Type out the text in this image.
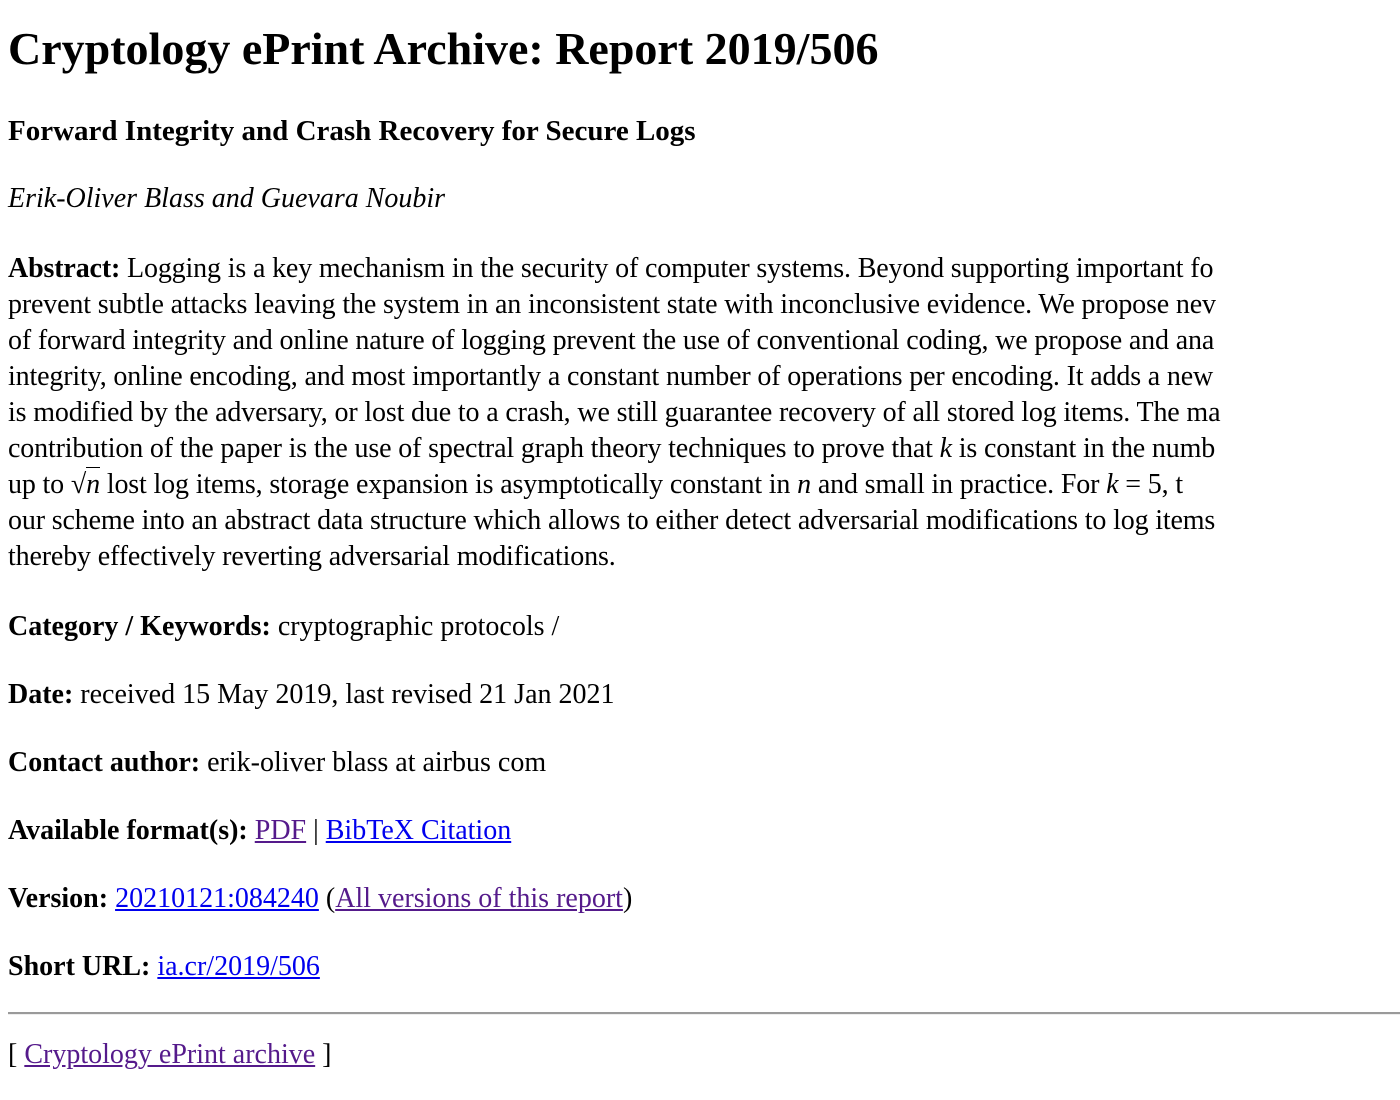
Cryptology ePrint Archive: Report 2019/506
Forward Integrity and Crash Recovery for Secure Logs
Erik-Oliver Blass and Guevara Noubir
Abstract: Logging is a key mechanism in the security of computer systems. Beyond supporting important fo
prevent subtle attacks leaving the system in an inconsistent state with inconclusive evidence. We propose nev
of forward integrity and online nature of logging prevent the use of conventional coding, we propose and ana
integrity, online encoding, and most importantly a constant number of operations per encoding. It adds a new
is modified by the adversary, or lost due to a crash, we still guarantee recovery of all stored log items. The ma
contribution of the paper is the use of spectral graph theory techniques to prove that k is constant in the numb
up to √n lost log items, storage expansion is asymptotically constant in n and small in practice. For k = 5, t
our scheme into an abstract data structure which allows to either detect adversarial modifications to log items
thereby effectively reverting adversarial modifications.
Category / Keywords: cryptographic protocols /
Date: received 15 May 2019, last revised 21 Jan 2021
Contact author: erik-oliver blass at airbus com
Available format(s): PDF | BibTeX Citation
Version: 20210121:084240 (All versions of this report)
Short URL: ia.cr/2019/506
[ Cryptology ePrint archive ]
